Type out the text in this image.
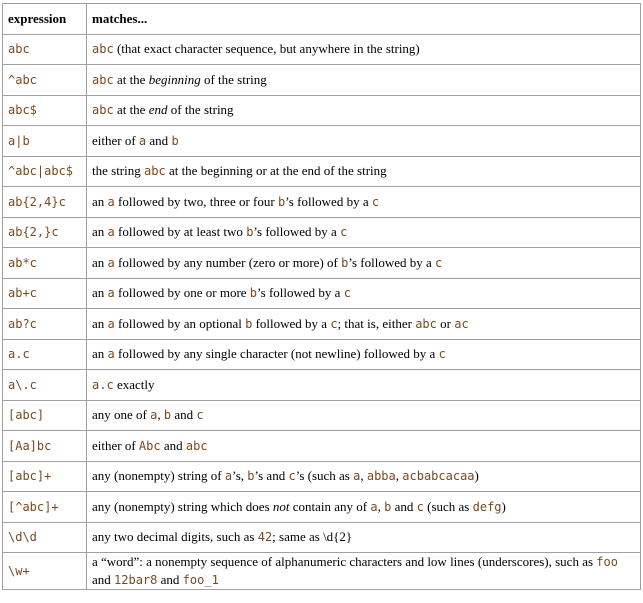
expression	matches...
abc	abc (that exact character sequence, but anywhere in the string)
^abc	abc at the beginning of the string
abc$	abc at the end of the string
a|b	either of a and b
^abc|abc$	the string abc at the beginning or at the end of the string
ab{2,4}c	an a followed by two, three or four b’s followed by a c
ab{2,}c	an a followed by at least two b’s followed by a c
ab*c	an a followed by any number (zero or more) of b’s followed by a c
ab+c	an a followed by one or more b’s followed by a c
ab?c	an a followed by an optional b followed by a c; that is, either abc or ac
a.c	an a followed by any single character (not newline) followed by a c
a\.c	a.c exactly
[abc]	any one of a, b and c
[Aa]bc	either of Abc and abc
[abc]+	any (nonempty) string of a’s, b’s and c’s (such as a, abba, acbabcacaa)
[^abc]+	any (nonempty) string which does not contain any of a, b and c (such as defg)
\d\d	any two decimal digits, such as 42; same as \d{2}
\w+	a “word”: a nonempty sequence of alphanumeric characters and low lines (underscores), such as foo and 12bar8 and foo_1
